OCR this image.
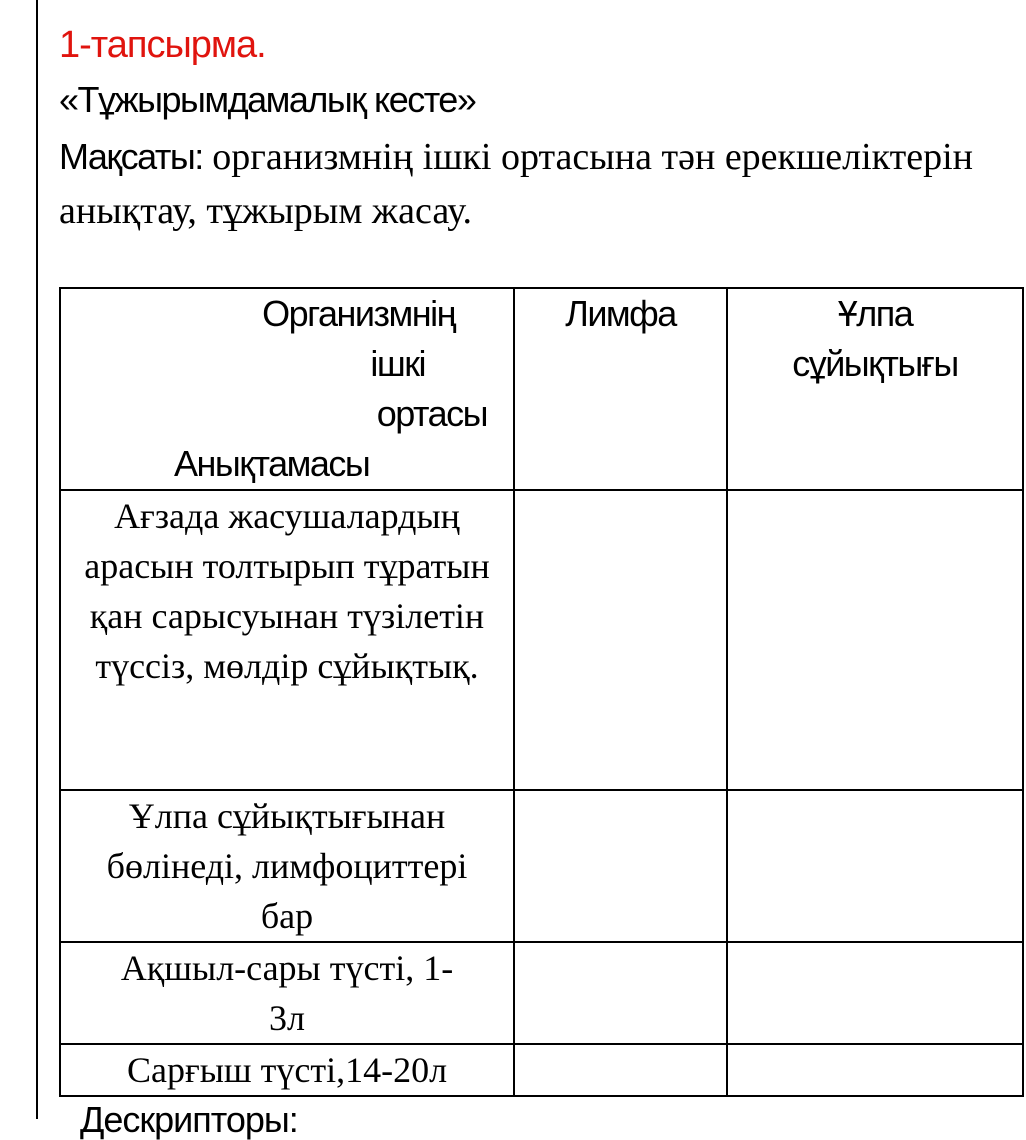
1-тапсырма.
«Тұжырымдамалық кесте»
Мақсаты: организмнің ішкі ортасына тән ерекшеліктерін анықтау, тұжырым жасау.
Организмнің
ішкі
ортасы
Анықтамасы	Лимфа	Ұлпа сұйықтығы
Ағзада жасушалардың арасын толтырып тұратын қан сарысуынан түзілетін түссіз, мөлдір сұйықтық.		
Ұлпа сұйықтығынан бөлінеді, лимфоциттері бар		
Ақшыл-сары түсті, 1-3л		
Сарғыш түсті,14-20л		
Дескрипторы:
